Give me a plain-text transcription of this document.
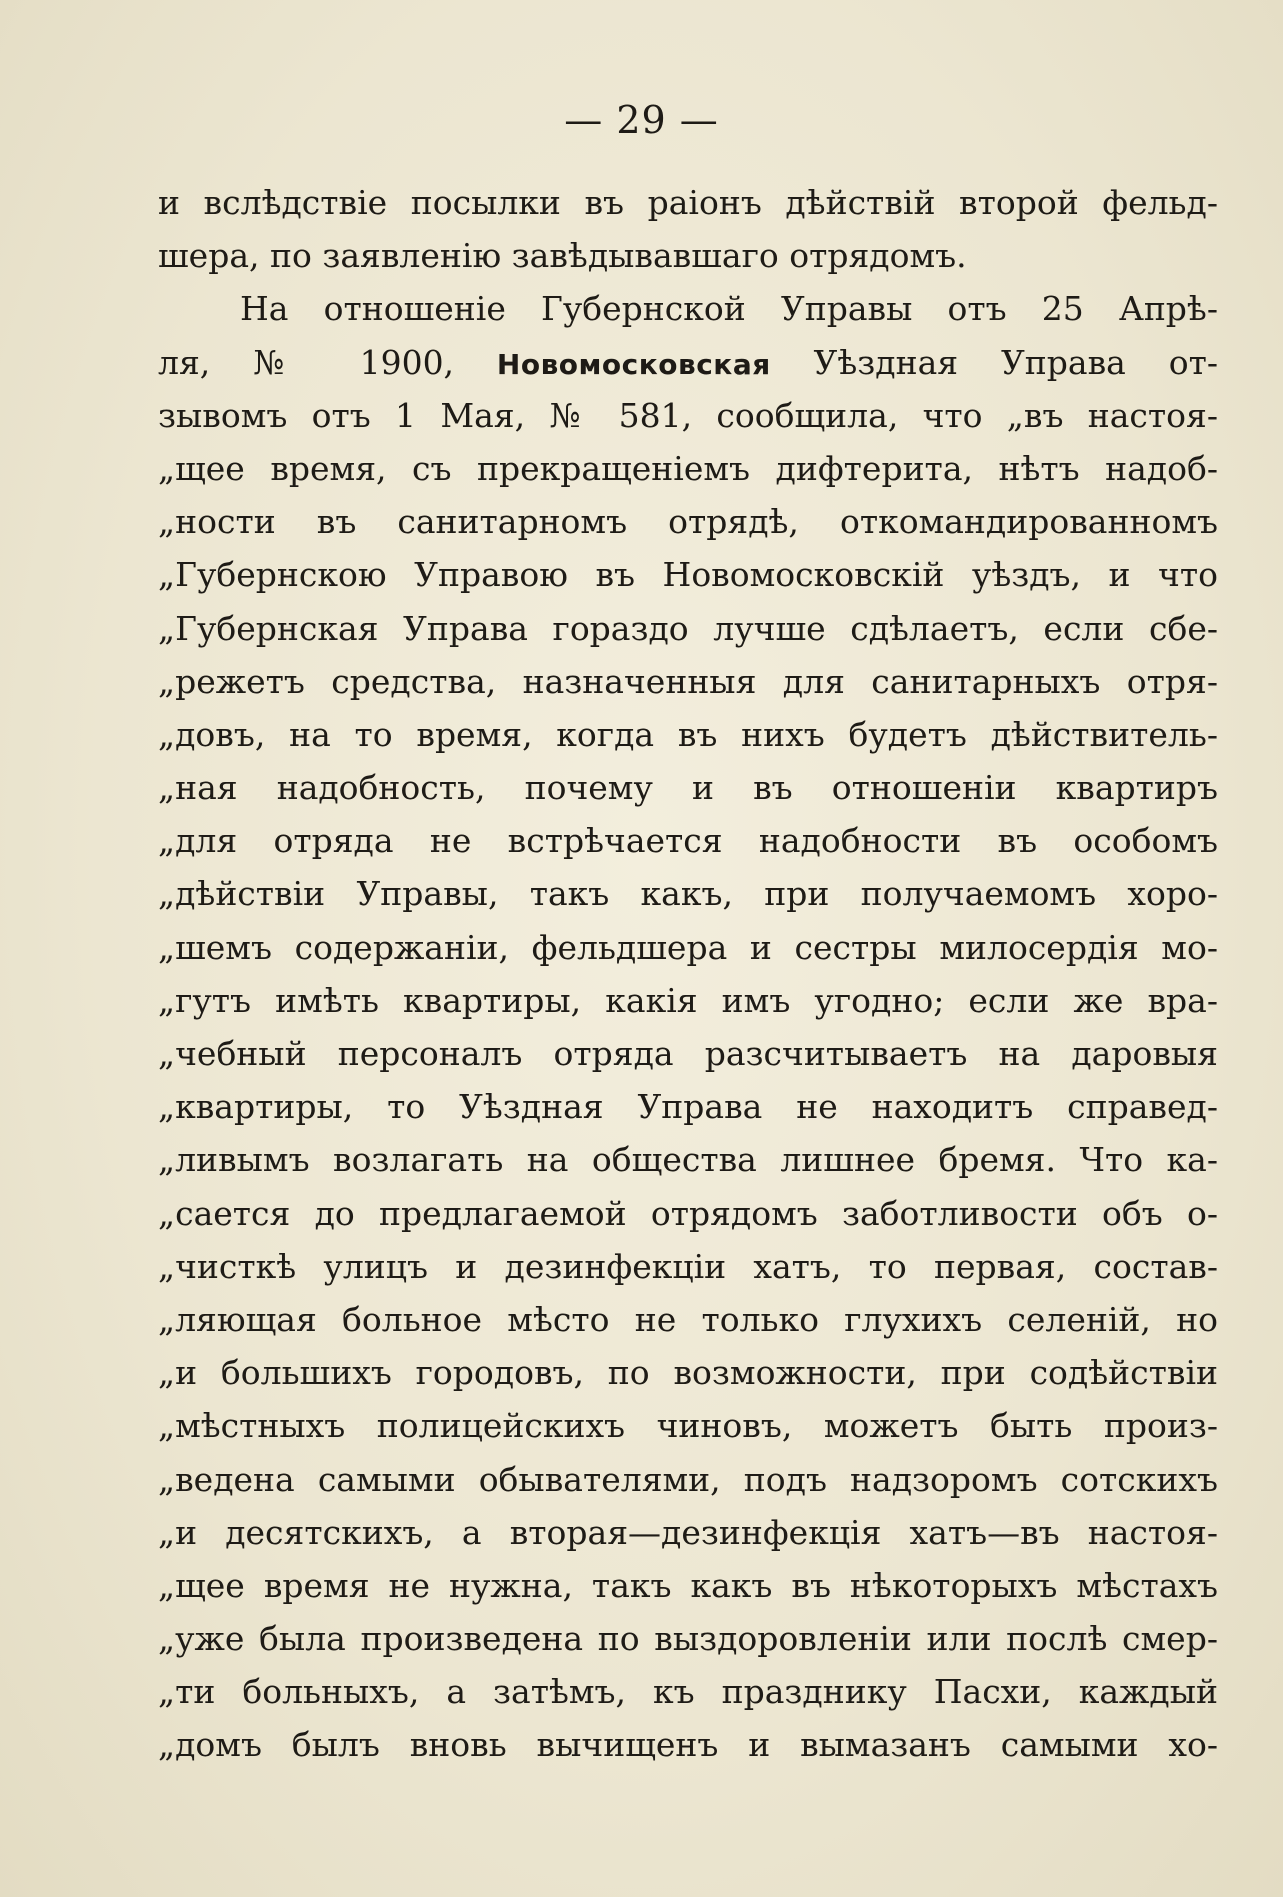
— 29 —
и вслѣдствіе посылки въ раіонъ дѣйствій второй фельд-
шера, по заявленію завѣдывавшаго отрядомъ.
На отношеніе Губернской Управы отъ 25 Апрѣ-
ля, № 1900, Новомосковская Уѣздная Управа от-
зывомъ отъ 1 Мая, № 581, сообщила, что „въ настоя-
„щее время, съ прекращеніемъ дифтерита, нѣтъ надоб-
„ности въ санитарномъ отрядѣ, откомандированномъ
„Губернскою Управою въ Новомосковскій уѣздъ, и что
„Губернская Управа гораздо лучше сдѣлаетъ, если сбе-
„режетъ средства, назначенныя для санитарныхъ отря-
„довъ, на то время, когда въ нихъ будетъ дѣйствитель-
„ная надобность, почему и въ отношеніи квартиръ
„для отряда не встрѣчается надобности въ особомъ
„дѣйствіи Управы, такъ какъ, при получаемомъ хоро-
„шемъ содержаніи, фельдшера и сестры милосердія мо-
„гутъ имѣть квартиры, какія имъ угодно; если же вра-
„чебный персоналъ отряда разсчитываетъ на даровыя
„квартиры, то Уѣздная Управа не находитъ справед-
„ливымъ возлагать на общества лишнее бремя. Что ка-
„сается до предлагаемой отрядомъ заботливости объ о-
„чисткѣ улицъ и дезинфекціи хатъ, то первая, состав-
„ляющая больное мѣсто не только глухихъ селеній, но
„и большихъ городовъ, по возможности, при содѣйствіи
„мѣстныхъ полицейскихъ чиновъ, можетъ быть произ-
„ведена самыми обывателями, подъ надзоромъ сотскихъ
„и десятскихъ, а вторая—дезинфекція хатъ—въ настоя-
„щее время не нужна, такъ какъ въ нѣкоторыхъ мѣстахъ
„уже была произведена по выздоровленіи или послѣ смер-
„ти больныхъ, а затѣмъ, къ празднику Пасхи, каждый
„домъ былъ вновь вычищенъ и вымазанъ самыми хо-
